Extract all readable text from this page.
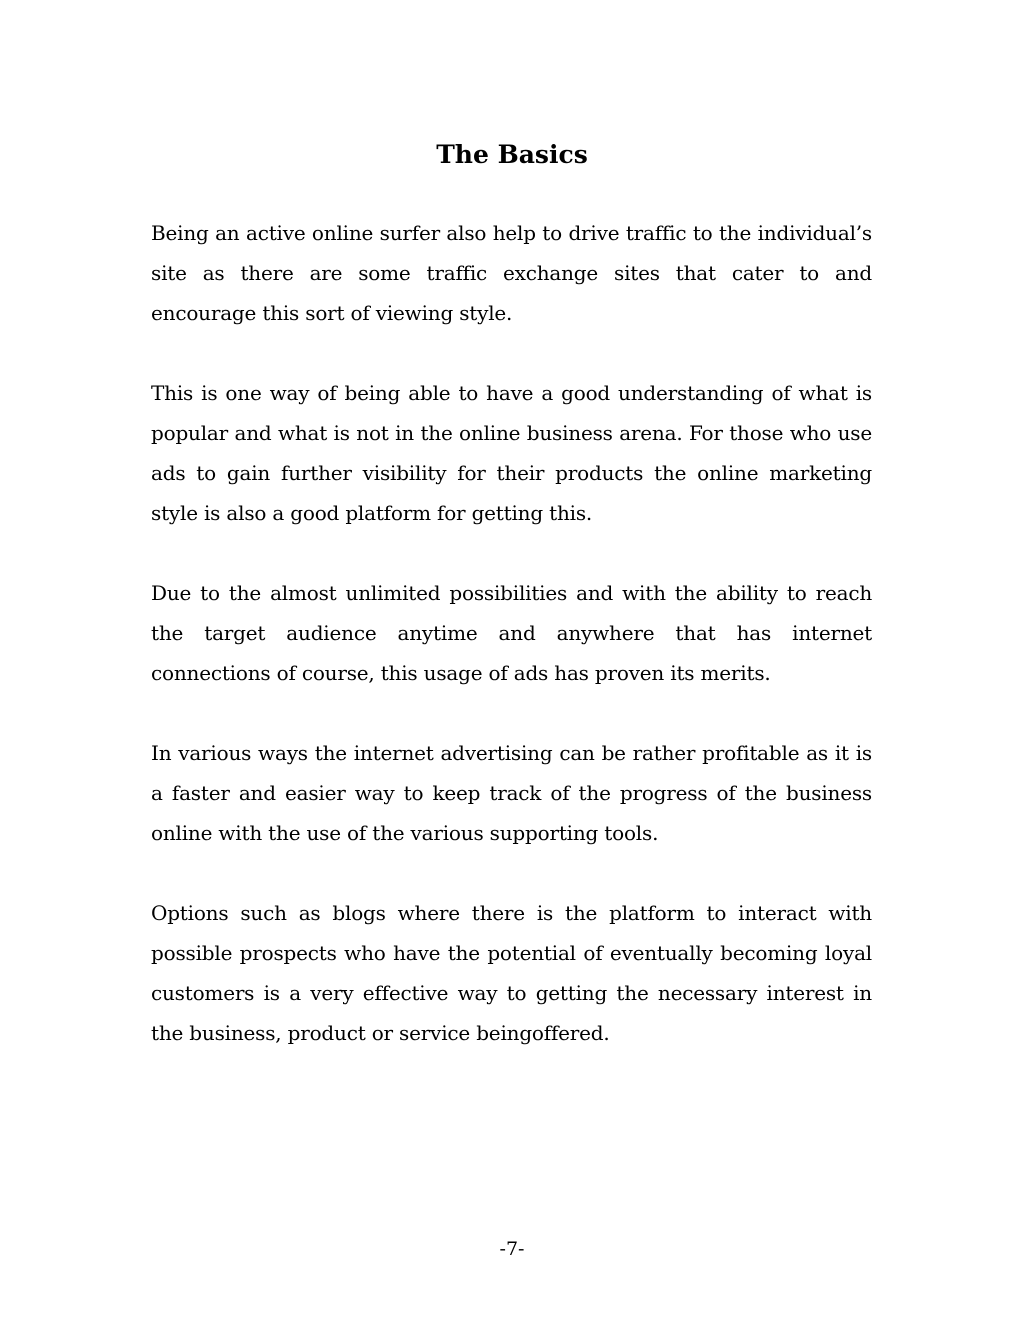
The Basics

Being an active online surfer also help to drive traffic to the individual’s site as there are some traffic exchange sites that cater to and encourage this sort of viewing style.

This is one way of being able to have a good understanding of what is popular and what is not in the online business arena. For those who use ads to gain further visibility for their products the online marketing style is also a good platform for getting this.

Due to the almost unlimited possibilities and with the ability to reach the target audience anytime and anywhere that has internet connections of course, this usage of ads has proven its merits.

In various ways the internet advertising can be rather profitable as it is a faster and easier way to keep track of the progress of the business online with the use of the various supporting tools.

Options such as blogs where there is the platform to interact with possible prospects who have the potential of eventually becoming loyal customers is a very effective way to getting the necessary interest in the business, product or service beingoffered.

-7-
